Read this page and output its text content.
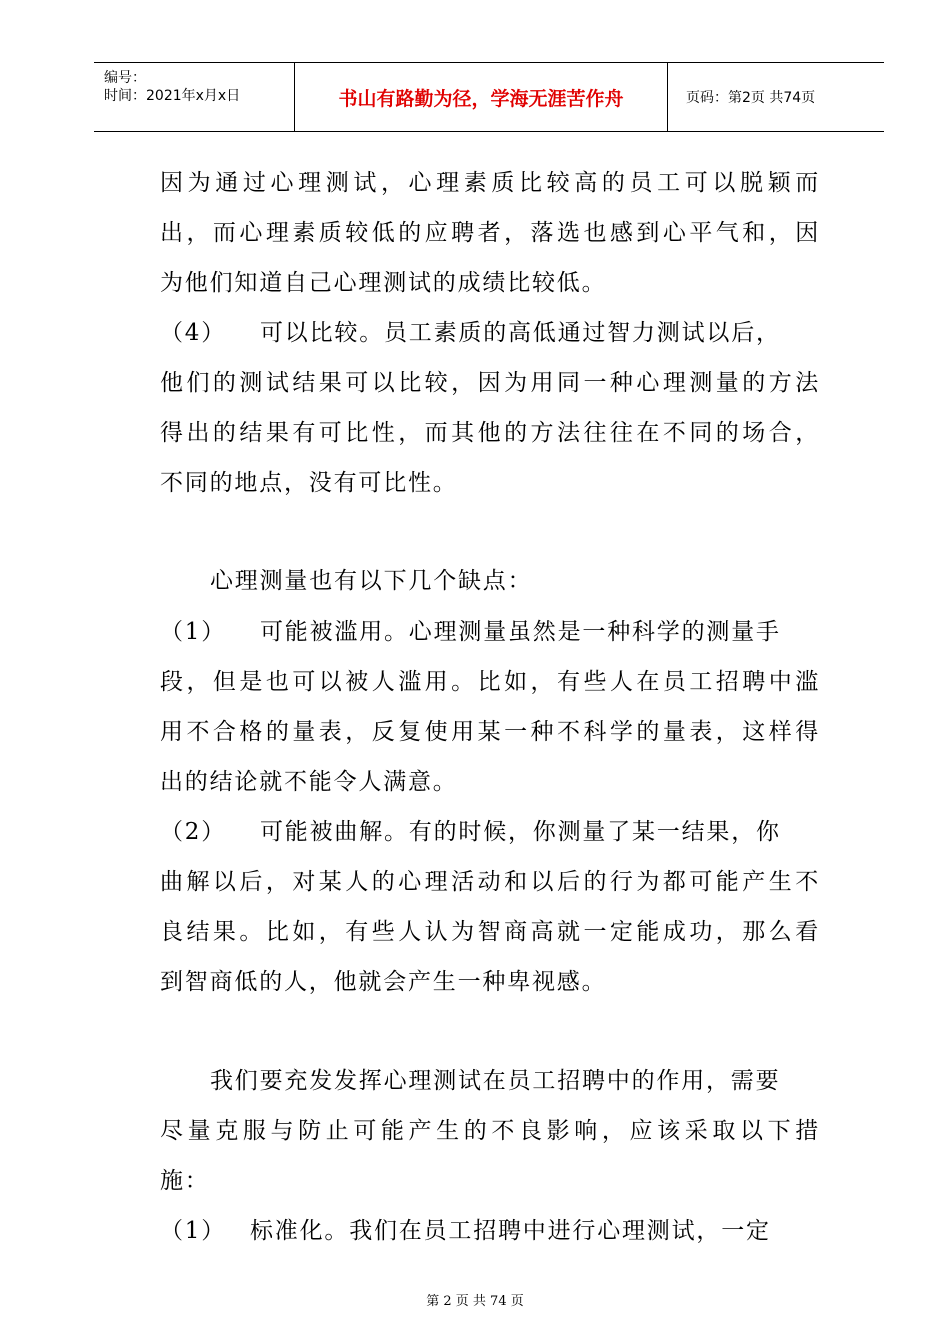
编号：
时间：2021年x月x日	书山有路勤为径，学海无涯苦作舟	页码：第2页 共74页
因为通过心理测试，心理素质比较高的员工可以脱颖而
出，而心理素质较低的应聘者，落选也感到心平气和，因
为他们知道自己心理测试的成绩比较低。
（4） 可以比较。员工素质的高低通过智力测试以后，
他们的测试结果可以比较，因为用同一种心理测量的方法
得出的结果有可比性，而其他的方法往往在不同的场合，
不同的地点，没有可比性。
心理测量也有以下几个缺点：
（1） 可能被滥用。心理测量虽然是一种科学的测量手
段，但是也可以被人滥用。比如，有些人在员工招聘中滥
用不合格的量表，反复使用某一种不科学的量表，这样得
出的结论就不能令人满意。
（2） 可能被曲解。有的时候，你测量了某一结果，你
曲解以后，对某人的心理活动和以后的行为都可能产生不
良结果。比如，有些人认为智商高就一定能成功，那么看
到智商低的人，他就会产生一种卑视感。
我们要充发发挥心理测试在员工招聘中的作用，需要
尽量克服与防止可能产生的不良影响，应该采取以下措
施：
（1） 标准化。我们在员工招聘中进行心理测试，一定
第 2 页 共 74 页
